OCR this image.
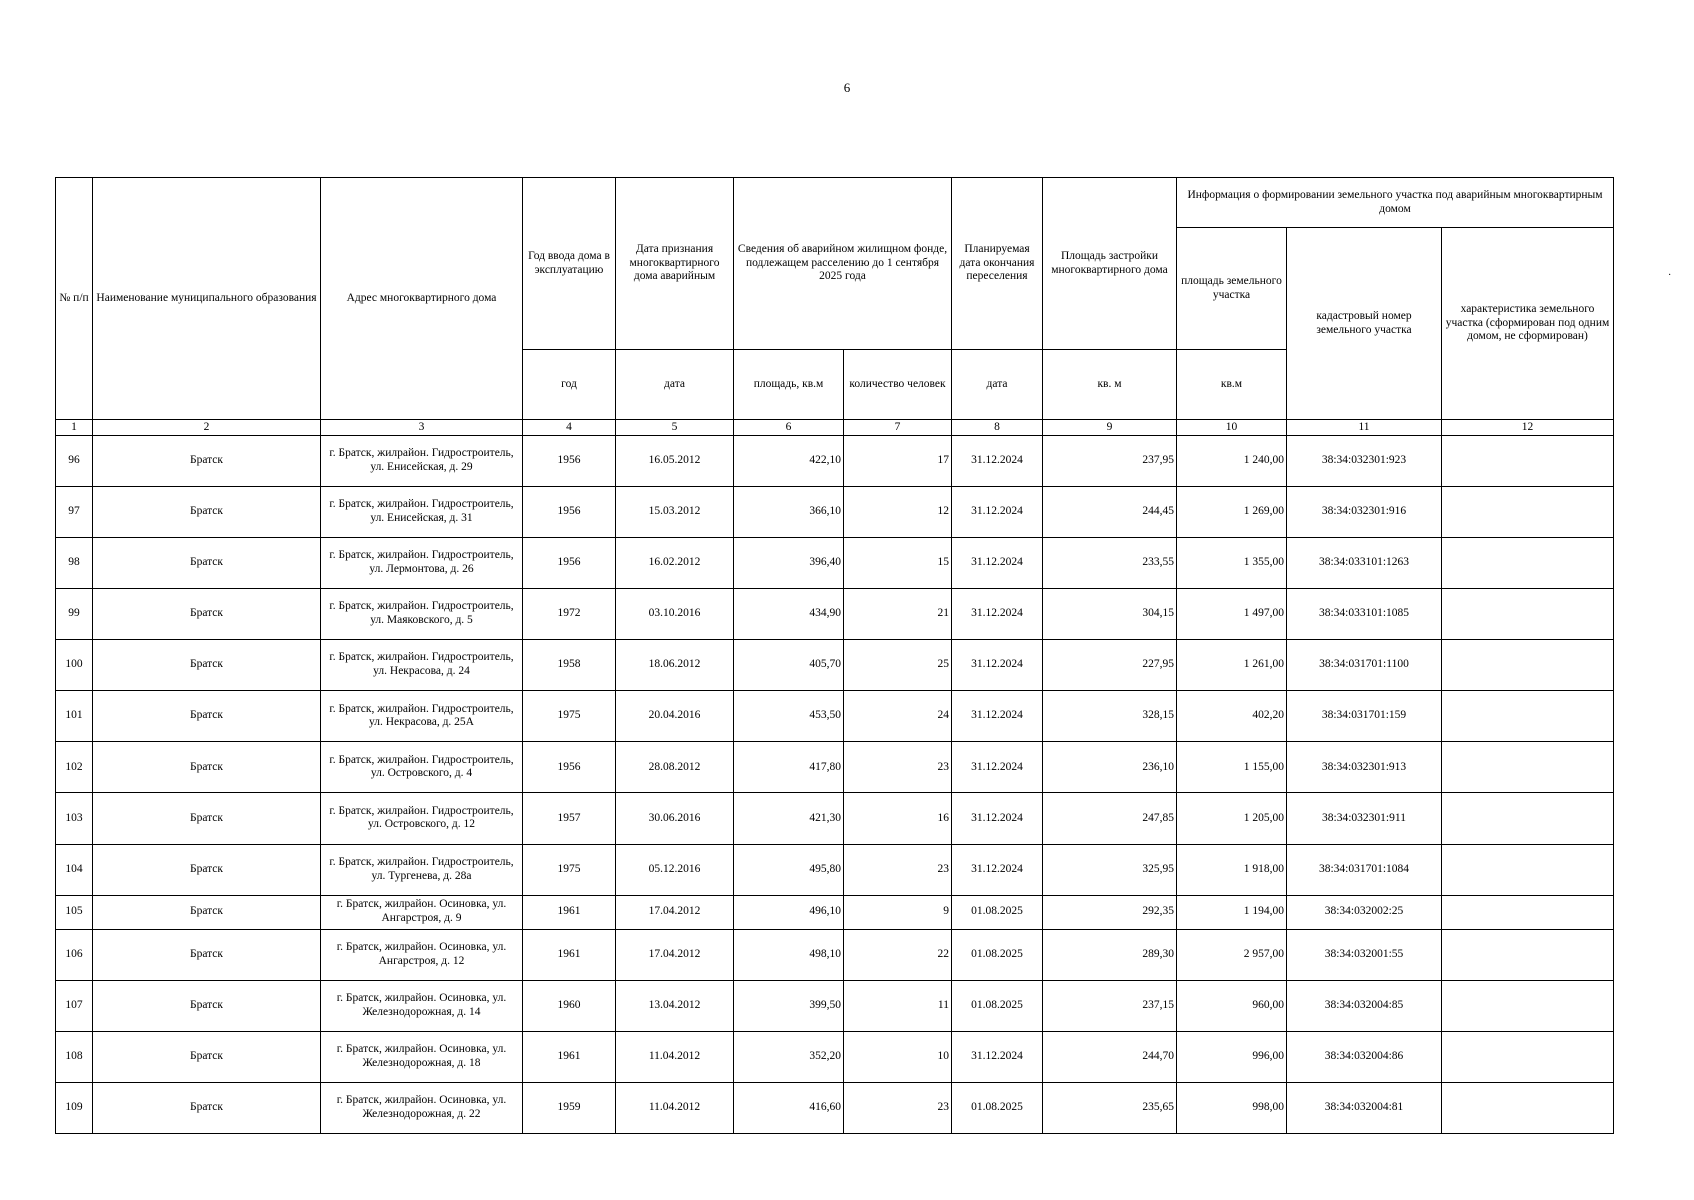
6
·
№ п/п	Наименование муниципального образования	Адрес многоквартирного дома	Год ввода дома в эксплуатацию	Дата признания многоквартирного дома аварийным	Сведения об аварийном жилищном фонде, подлежащем расселению до 1 сентября 2025 года		Планируемая дата окончания переселения	Площадь застройки многоквартирного дома	Информация о формировании земельного участка под аварийным многоквартирным домом		
									площадь земельного участка	кадастровый номер земельного участка	характеристика земельного участка (сформирован под одним домом, не сформирован)
			год	дата	площадь, кв.м	количество человек	дата	кв. м	кв.м		
1	2	3	4	5	6	7	8	9	10	11	12
96	Братск	г. Братск, жилрайон. Гидростроитель, ул. Енисейская, д. 29	1956	16.05.2012	422,10	17	31.12.2024	237,95	1 240,00	38:34:032301:923	
97	Братск	г. Братск, жилрайон. Гидростроитель, ул. Енисейская, д. 31	1956	15.03.2012	366,10	12	31.12.2024	244,45	1 269,00	38:34:032301:916	
98	Братск	г. Братск, жилрайон. Гидростроитель, ул. Лермонтова, д. 26	1956	16.02.2012	396,40	15	31.12.2024	233,55	1 355,00	38:34:033101:1263	
99	Братск	г. Братск, жилрайон. Гидростроитель, ул. Маяковского, д. 5	1972	03.10.2016	434,90	21	31.12.2024	304,15	1 497,00	38:34:033101:1085	
100	Братск	г. Братск, жилрайон. Гидростроитель, ул. Некрасова, д. 24	1958	18.06.2012	405,70	25	31.12.2024	227,95	1 261,00	38:34:031701:1100	
101	Братск	г. Братск, жилрайон. Гидростроитель, ул. Некрасова, д. 25А	1975	20.04.2016	453,50	24	31.12.2024	328,15	402,20	38:34:031701:159	
102	Братск	г. Братск, жилрайон. Гидростроитель, ул. Островского, д. 4	1956	28.08.2012	417,80	23	31.12.2024	236,10	1 155,00	38:34:032301:913	
103	Братск	г. Братск, жилрайон. Гидростроитель, ул. Островского, д. 12	1957	30.06.2016	421,30	16	31.12.2024	247,85	1 205,00	38:34:032301:911	
104	Братск	г. Братск, жилрайон. Гидростроитель, ул. Тургенева, д. 28а	1975	05.12.2016	495,80	23	31.12.2024	325,95	1 918,00	38:34:031701:1084	
105	Братск	г. Братск, жилрайон. Осиновка, ул. Ангарстроя, д. 9	1961	17.04.2012	496,10	9	01.08.2025	292,35	1 194,00	38:34:032002:25	
106	Братск	г. Братск, жилрайон. Осиновка, ул. Ангарстроя, д. 12	1961	17.04.2012	498,10	22	01.08.2025	289,30	2 957,00	38:34:032001:55	
107	Братск	г. Братск, жилрайон. Осиновка, ул. Железнодорожная, д. 14	1960	13.04.2012	399,50	11	01.08.2025	237,15	960,00	38:34:032004:85	
108	Братск	г. Братск, жилрайон. Осиновка, ул. Железнодорожная, д. 18	1961	11.04.2012	352,20	10	31.12.2024	244,70	996,00	38:34:032004:86	
109	Братск	г. Братск, жилрайон. Осиновка, ул. Железнодорожная, д. 22	1959	11.04.2012	416,60	23	01.08.2025	235,65	998,00	38:34:032004:81	
